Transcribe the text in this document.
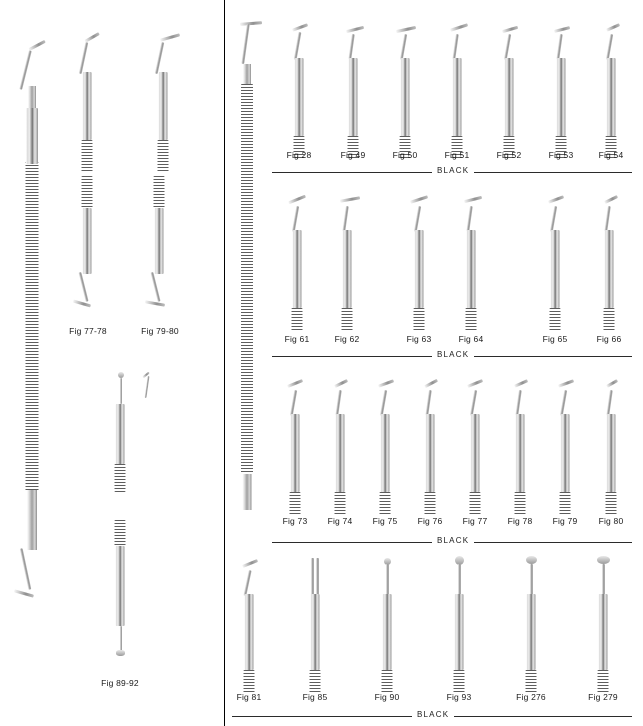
Fig 77-78	Fig 79-80
Fig 89-92
Fig 28	Fig 49	Fig 50	Fig 51	Fig 52	Fig 53	Fig 54
BLACK
Fig 61	Fig 62	Fig 63	Fig 64	Fig 65	Fig 66
BLACK
Fig 73	Fig 74	Fig 75	Fig 76	Fig 77	Fig 78	Fig 79	Fig 80
BLACK
Fig 81	Fig 85	Fig 90	Fig 93	Fig 276	Fig 279
BLACK
